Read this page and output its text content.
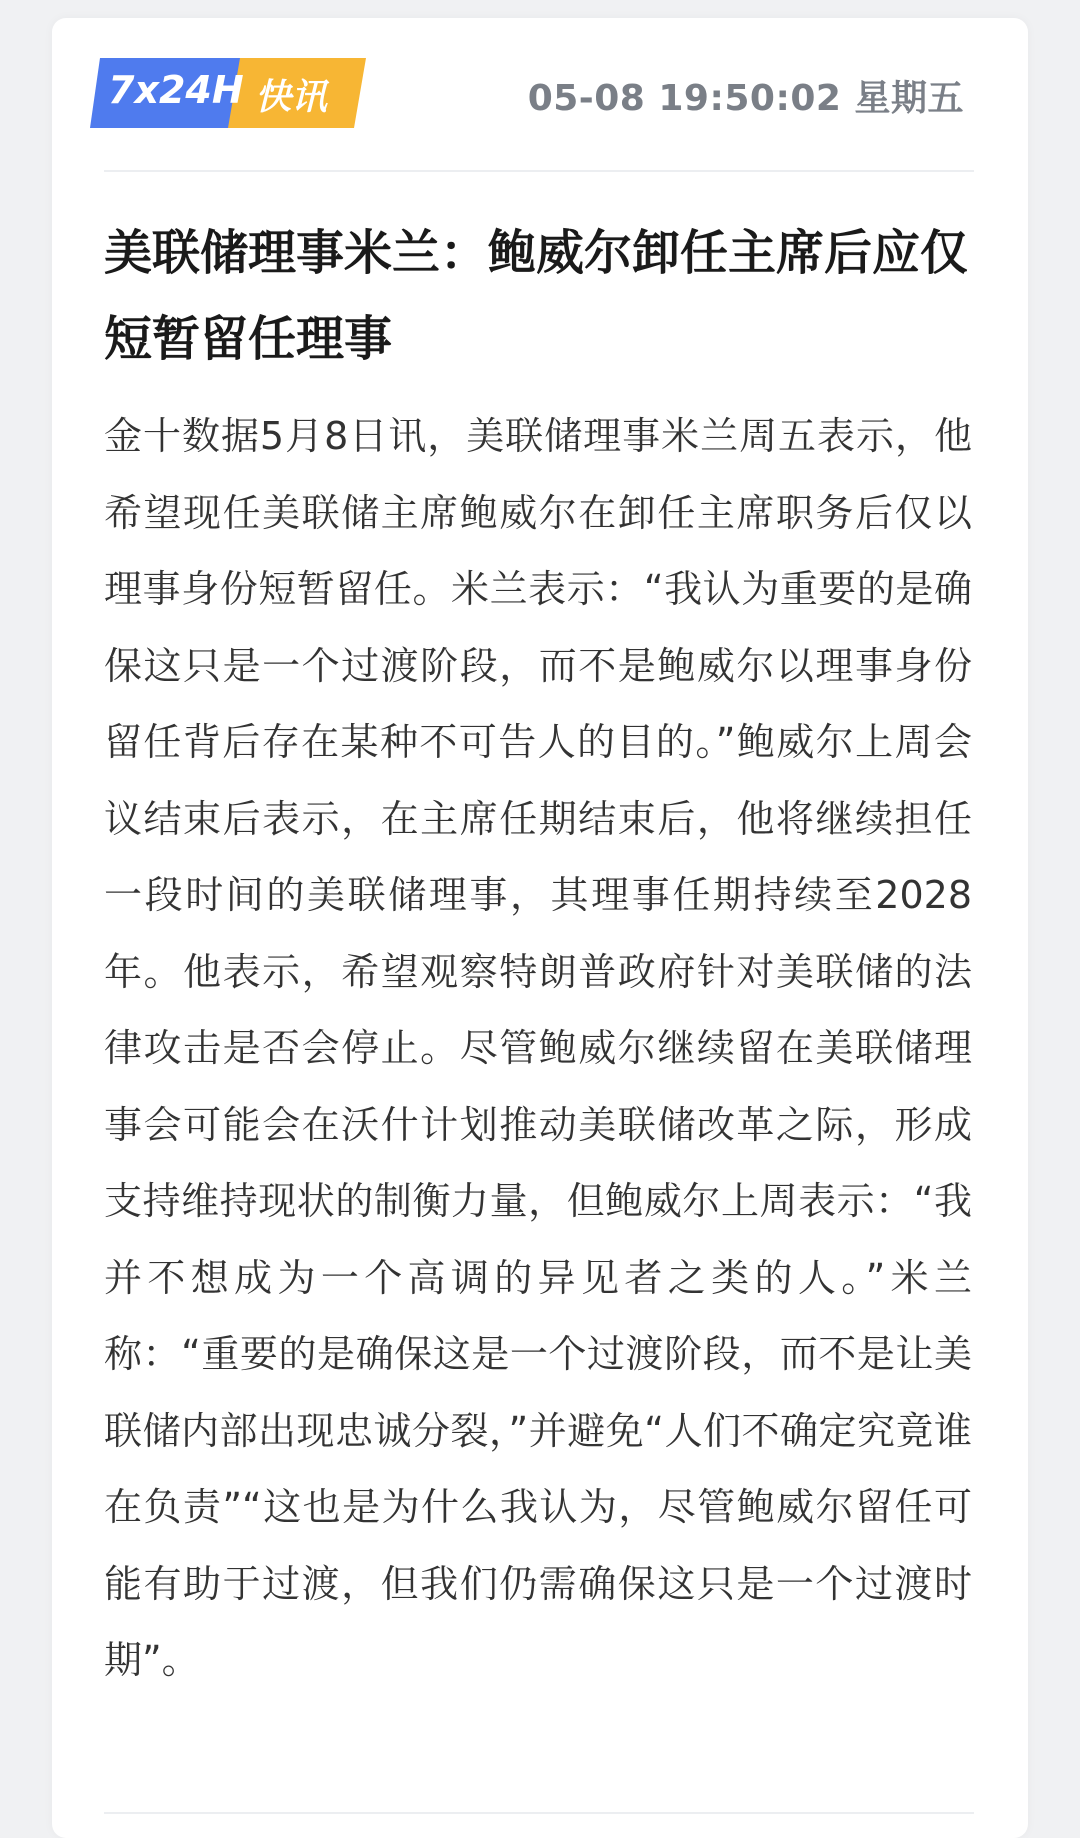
7x24H 快讯	05-08 19:50:02 星期五
美联储理事米兰：鲍威尔卸任主席后应仅短暂留任理事

金十数据5月8日讯，美联储理事米兰周五表示，他希望现任美联储主席鲍威尔在卸任主席职务后仅以理事身份短暂留任。米兰表示：“我认为重要的是确保这只是一个过渡阶段，而不是鲍威尔以理事身份留任背后存在某种不可告人的目的。”鲍威尔上周会议结束后表示，在主席任期结束后，他将继续担任一段时间的美联储理事，其理事任期持续至2028年。他表示，希望观察特朗普政府针对美联储的法律攻击是否会停止。尽管鲍威尔继续留在美联储理事会可能会在沃什计划推动美联储改革之际，形成支持维持现状的制衡力量，但鲍威尔上周表示：“我并不想成为一个高调的异见者之类的人。”米兰称：“重要的是确保这是一个过渡阶段，而不是让美联储内部出现忠诚分裂，”并避免“人们不确定究竟谁在负责”“这也是为什么我认为，尽管鲍威尔留任可能有助于过渡，但我们仍需确保这只是一个过渡时期”。
